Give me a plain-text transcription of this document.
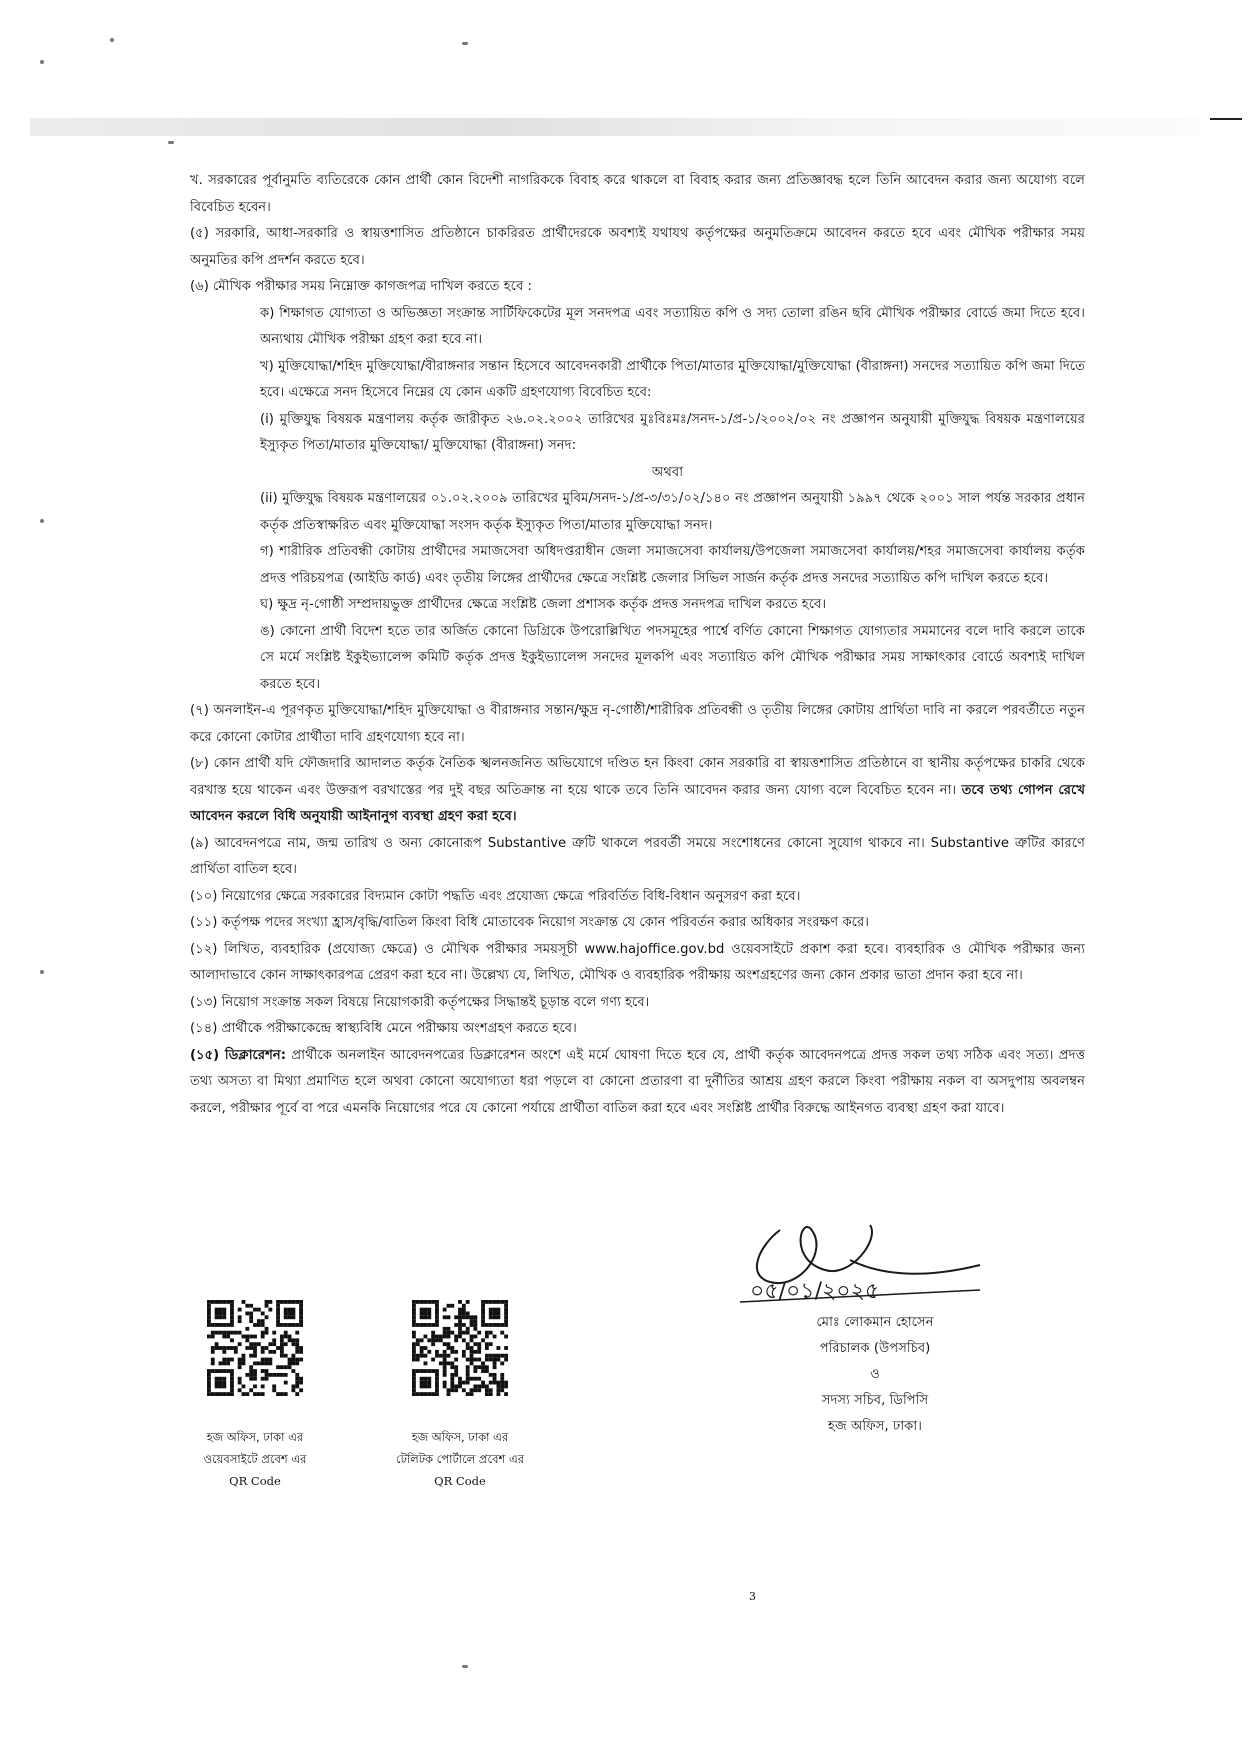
খ. সরকারের পূর্বানুমতি ব্যতিরেকে কোন প্রার্থী কোন বিদেশী নাগরিককে বিবাহ করে থাকলে বা বিবাহ করার জন্য প্রতিজ্ঞাবদ্ধ হলে তিনি আবেদন করার জন্য অযোগ্য বলে বিবেচিত হবেন।

(৫) সরকারি, আধা-সরকারি ও স্বায়ত্তশাসিত প্রতিষ্ঠানে চাকরিরত প্রার্থীদেরকে অবশ্যই যথাযথ কর্তৃপক্ষের অনুমতিক্রমে আবেদন করতে হবে এবং মৌখিক পরীক্ষার সময় অনুমতির কপি প্রদর্শন করতে হবে।

(৬) মৌখিক পরীক্ষার সময় নিম্নোক্ত কাগজপত্র দাখিল করতে হবে :

ক) শিক্ষাগত যোগ্যতা ও অভিজ্ঞতা সংক্রান্ত সার্টিফিকেটের মূল সনদপত্র এবং সত্যায়িত কপি ও সদ্য তোলা রঙিন ছবি মৌখিক পরীক্ষার বোর্ডে জমা দিতে হবে। অন্যথায় মৌখিক পরীক্ষা গ্রহণ করা হবে না।

খ) মুক্তিযোদ্ধা/শহিদ মুক্তিযোদ্ধা/বীরাঙ্গনার সন্তান হিসেবে আবেদনকারী প্রার্থীকে পিতা/মাতার মুক্তিযোদ্ধা/মুক্তিযোদ্ধা (বীরাঙ্গনা) সনদের সত্যায়িত কপি জমা দিতে হবে। এক্ষেত্রে সনদ হিসেবে নিম্নের যে কোন একটি গ্রহণযোগ্য বিবেচিত হবে:

(i) মুক্তিযুদ্ধ বিষয়ক মন্ত্রণালয় কর্তৃক জারীকৃত ২৬.০২.২০০২ তারিখের মুঃবিঃমঃ/সনদ-১/প্র-১/২০০২/০২ নং প্রজ্ঞাপন অনুযায়ী মুক্তিযুদ্ধ বিষয়ক মন্ত্রণালয়ের ইস্যুকৃত পিতা/মাতার মুক্তিযোদ্ধা/ মুক্তিযোদ্ধা (বীরাঙ্গনা) সনদ:

অথবা

(ii) মুক্তিযুদ্ধ বিষয়ক মন্ত্রণালয়ের ০১.০২.২০০৯ তারিখের মুবিম/সনদ-১/প্র-৩/৩১/০২/১৪০ নং প্রজ্ঞাপন অনুযায়ী ১৯৯৭ থেকে ২০০১ সাল পর্যন্ত সরকার প্রধান কর্তৃক প্রতিস্বাক্ষরিত এবং মুক্তিযোদ্ধা সংসদ কর্তৃক ইস্যুকৃত পিতা/মাতার মুক্তিযোদ্ধা সনদ।

গ) শারীরিক প্রতিবন্ধী কোটায় প্রার্থীদের সমাজসেবা অধিদপ্তরাধীন জেলা সমাজসেবা কার্যালয়/উপজেলা সমাজসেবা কার্যালয়/শহর সমাজসেবা কার্যালয় কর্তৃক প্রদত্ত পরিচয়পত্র (আইডি কার্ড) এবং তৃতীয় লিঙ্গের প্রার্থীদের ক্ষেত্রে সংশ্লিষ্ট জেলার সিভিল সার্জন কর্তৃক প্রদত্ত সনদের সত্যায়িত কপি দাখিল করতে হবে।

ঘ) ক্ষুদ্র নৃ-গোষ্ঠী সম্প্রদায়ভুক্ত প্রার্থীদের ক্ষেত্রে সংশ্লিষ্ট জেলা প্রশাসক কর্তৃক প্রদত্ত সনদপত্র দাখিল করতে হবে।

ঙ) কোনো প্রার্থী বিদেশ হতে তার অর্জিত কোনো ডিগ্রিকে উপরোল্লিখিত পদসমূহের পার্শ্বে বর্ণিত কোনো শিক্ষাগত যোগ্যতার সমমানের বলে দাবি করলে তাকে সে মর্মে সংশ্লিষ্ট ইকুইভ্যালেন্স কমিটি কর্তৃক প্রদত্ত ইকুইভ্যালেন্স সনদের মূলকপি এবং সত্যায়িত কপি মৌখিক পরীক্ষার সময় সাক্ষাৎকার বোর্ডে অবশ্যই দাখিল করতে হবে।

(৭) অনলাইন-এ পূরণকৃত মুক্তিযোদ্ধা/শহিদ মুক্তিযোদ্ধা ও বীরাঙ্গনার সন্তান/ক্ষুদ্র নৃ-গোষ্ঠী/শারীরিক প্রতিবন্ধী ও তৃতীয় লিঙ্গের কোটায় প্রার্থিতা দাবি না করলে পরবর্তীতে নতুন করে কোনো কোটার প্রার্থীতা দাবি গ্রহণযোগ্য হবে না।

(৮) কোন প্রার্থী যদি ফৌজদারি আদালত কর্তৃক নৈতিক স্খলনজনিত অভিযোগে দণ্ডিত হন কিংবা কোন সরকারি বা স্বায়ত্তশাসিত প্রতিষ্ঠানে বা স্থানীয় কর্তৃপক্ষের চাকরি থেকে বরখাস্ত হয়ে থাকেন এবং উক্তরূপ বরখাস্তের পর দুই বছর অতিক্রান্ত না হয়ে থাকে তবে তিনি আবেদন করার জন্য যোগ্য বলে বিবেচিত হবেন না। তবে তথ্য গোপন রেখে আবেদন করলে বিধি অনুযায়ী আইনানুগ ব্যবস্থা গ্রহণ করা হবে।

(৯) আবেদনপত্রে নাম, জন্ম তারিখ ও অন্য কোনোরূপ Substantive ত্রুটি থাকলে পরবর্তী সময়ে সংশোধনের কোনো সুযোগ থাকবে না। Substantive ত্রুটির কারণে প্রার্থিতা বাতিল হবে।

(১০) নিয়োগের ক্ষেত্রে সরকারের বিদ্যমান কোটা পদ্ধতি এবং প্রযোজ্য ক্ষেত্রে পরিবর্তিত বিধি-বিধান অনুসরণ করা হবে।

(১১) কর্তৃপক্ষ পদের সংখ্যা হ্রাস/বৃদ্ধি/বাতিল কিংবা বিধি মোতাবেক নিয়োগ সংক্রান্ত যে কোন পরিবর্তন করার অধিকার সংরক্ষণ করে।

(১২) লিখিত, ব্যবহারিক (প্রযোজ্য ক্ষেত্রে) ও মৌখিক পরীক্ষার সময়সূচী www.hajoffice.gov.bd ওয়েবসাইটে প্রকাশ করা হবে। ব্যবহারিক ও মৌখিক পরীক্ষার জন্য আলাদাভাবে কোন সাক্ষাৎকারপত্র প্রেরণ করা হবে না। উল্লেখ্য যে, লিখিত, মৌখিক ও ব্যবহারিক পরীক্ষায় অংশগ্রহণের জন্য কোন প্রকার ভাতা প্রদান করা হবে না।

(১৩) নিয়োগ সংক্রান্ত সকল বিষয়ে নিয়োগকারী কর্তৃপক্ষের সিদ্ধান্তই চূড়ান্ত বলে গণ্য হবে।

(১৪) প্রার্থীকে পরীক্ষাকেন্দ্রে স্বাস্থ্যবিধি মেনে পরীক্ষায় অংশগ্রহণ করতে হবে।

(১৫) ডিক্লারেশন: প্রার্থীকে অনলাইন আবেদনপত্রের ডিক্লারেশন অংশে এই মর্মে ঘোষণা দিতে হবে যে, প্রার্থী কর্তৃক আবেদনপত্রে প্রদত্ত সকল তথ্য সঠিক এবং সত্য। প্রদত্ত তথ্য অসত্য বা মিথ্যা প্রমাণিত হলে অথবা কোনো অযোগ্যতা ধরা পড়লে বা কোনো প্রতারণা বা দুর্নীতির আশ্রয় গ্রহণ করলে কিংবা পরীক্ষায় নকল বা অসদুপায় অবলম্বন করলে, পরীক্ষার পূর্বে বা পরে এমনকি নিয়োগের পরে যে কোনো পর্যায়ে প্রার্থীতা বাতিল করা হবে এবং সংশ্লিষ্ট প্রার্থীর বিরুদ্ধে আইনগত ব্যবস্থা গ্রহণ করা যাবে।

হজ অফিস, ঢাকা এর
ওয়েবসাইটে প্রবেশ এর
QR Code
হজ অফিস, ঢাকা এর
টেলিটক পোর্টালে প্রবেশ এর
QR Code
০৫/০১/২০২৫
মোঃ লোকমান হোসেন
পরিচালক (উপসচিব)
ও
সদস্য সচিব, ডিপিসি
হজ অফিস, ঢাকা।
3
